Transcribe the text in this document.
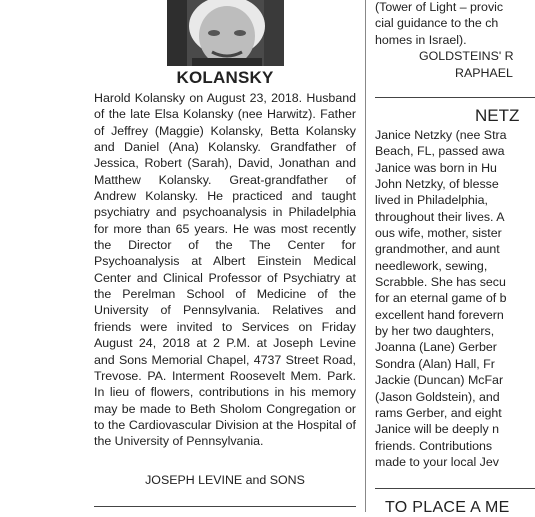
KOLANSKY

Harold Kolansky on August 23, 2018. Husband of the late Elsa Kolansky (nee Harwitz). Father of Jeffrey (Maggie) Kolansky, Betta Kolansky and Daniel (Ana) Kolansky. Grandfather of Jessica, Robert (Sarah), David, Jonathan and Matthew Kolansky. Great-grandfather of Andrew Kolansky. He practiced and taught psychiatry and psychoanalysis in Philadelphia for more than 65 years. He was most recently the Director of the The Center for Psychoanalysis at Albert Einstein Medical Center and Clinical Professor of Psychiatry at the Perelman School of Medicine of the University of Pennsylvania. Relatives and friends were invited to Services on Friday August 24, 2018 at 2 P.M. at Joseph Levine and Sons Memorial Chapel, 4737 Street Road, Trevose. PA. Interment Roosevelt Mem. Park. In lieu of flowers, contributions in his memory may be made to Beth Sholom Congregation or to the Cardiovascular Division at the Hospital of the University of Pennsylvania.

JOSEPH LEVINE and SONS

(Tower of Light – provic
cial guidance to the ch
homes in Israel).
GOLDSTEINS' R
RAPHAEL
NETZ
Janice Netzky (nee Stra
Beach, FL, passed awa
Janice was born in Hu
John Netzky, of blesse
lived in Philadelphia,
throughout their lives. A
ous wife, mother, sister
grandmother, and aunt
needlework, sewing,
Scrabble. She has secu
for an eternal game of b
excellent hand forevern
by her two daughters,
Joanna (Lane) Gerber
Sondra (Alan) Hall, Fr
Jackie (Duncan) McFar
(Jason Goldstein), and
rams Gerber, and eight
Janice will be deeply n
friends. Contributions
made to your local Jev
TO PLACE A ME
